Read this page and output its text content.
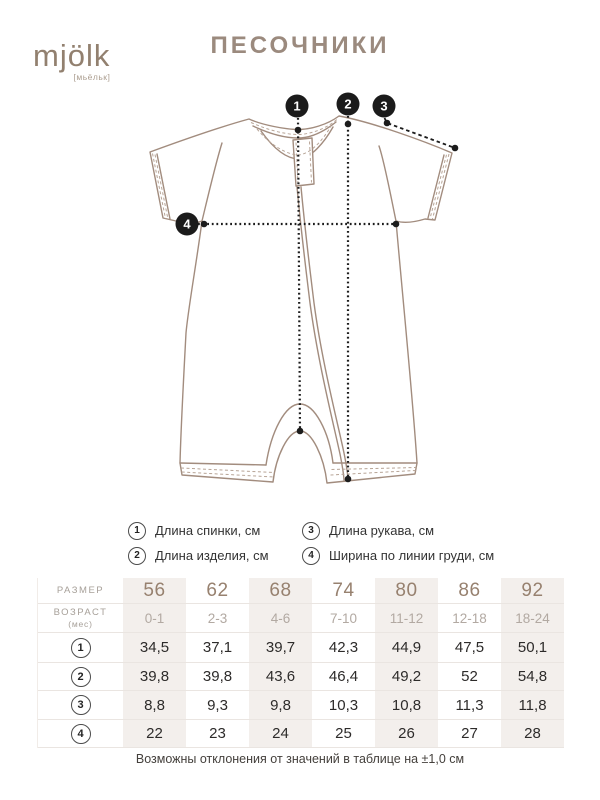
mjölk
[мьёльк]
ПЕСОЧНИКИ
1	2 3
4
1	Длина спинки, см	3	Длина рукава, см
2	Длина изделия, см	4	Ширина по линии груди, см
РАЗМЕР 56 62 68 74 80 86 92
ВОЗРАСТ
(мес)	0-1	2-3	4-6	7-10 11-12 12-18 18-24
1	34,5 37,1 39,7 42,3 44,9 47,5 50,1
2	39,8 39,8 43,6 46,4 49,2	52	54,8
3	8,8	9,3	9,8	10,3 10,8 11,3 11,8
4	22	23	24	25	26	27	28
Возможны отклонения от значений в таблице на ±1,0 см
